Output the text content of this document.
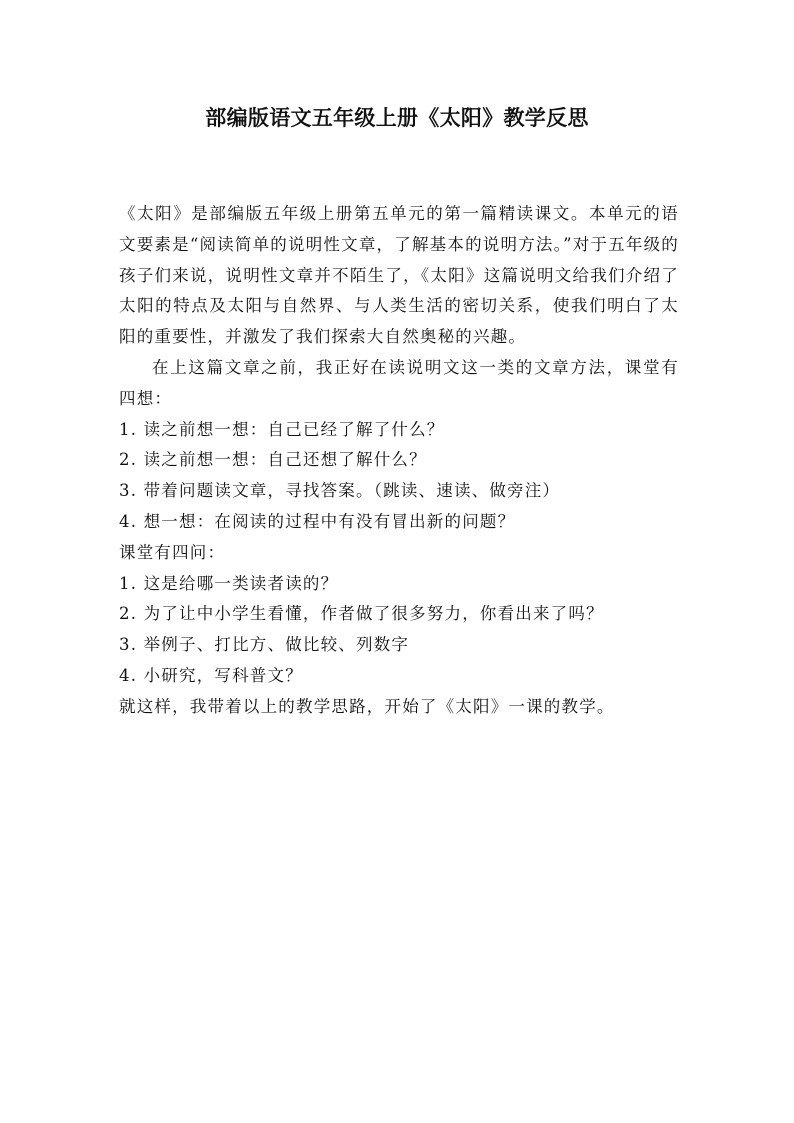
部编版语文五年级上册《太阳》教学反思

《太阳》是部编版五年级上册第五单元的第一篇精读课文。本单元的语文要素是“阅读简单的说明性文章，了解基本的说明方法。”对于五年级的孩子们来说，说明性文章并不陌生了，《太阳》这篇说明文给我们介绍了太阳的特点及太阳与自然界、与人类生活的密切关系，使我们明白了太阳的重要性，并激发了我们探索大自然奥秘的兴趣。

在上这篇文章之前，我正好在读说明文这一类的文章方法，课堂有四想：

1. 读之前想一想：自己已经了解了什么？

2. 读之前想一想：自己还想了解什么？

3. 带着问题读文章，寻找答案。（跳读、速读、做旁注）

4. 想一想：在阅读的过程中有没有冒出新的问题？

课堂有四问：

1. 这是给哪一类读者读的？

2. 为了让中小学生看懂，作者做了很多努力，你看出来了吗？

3. 举例子、打比方、做比较、列数字

4. 小研究，写科普文？

就这样，我带着以上的教学思路，开始了《太阳》一课的教学。
